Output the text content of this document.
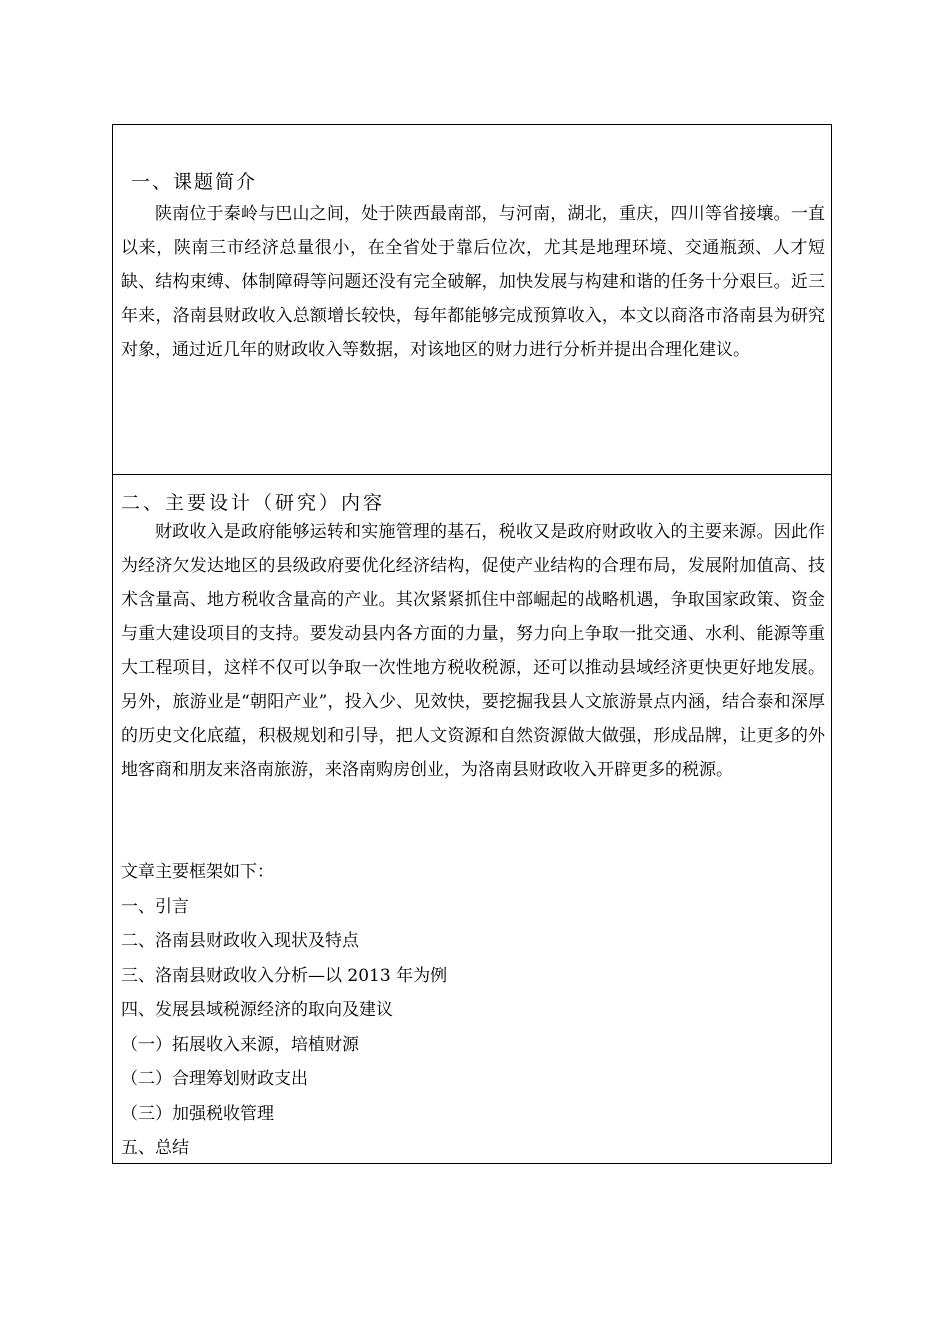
一、课题简介

陕南位于秦岭与巴山之间，处于陕西最南部，与河南，湖北，重庆，四川等省接壤。一直以来，陕南三市经济总量很小，在全省处于靠后位次，尤其是地理环境、交通瓶颈、人才短缺、结构束缚、体制障碍等问题还没有完全破解，加快发展与构建和谐的任务十分艰巨。近三年来，洛南县财政收入总额增长较快，每年都能够完成预算收入，本文以商洛市洛南县为研究对象，通过近几年的财政收入等数据，对该地区的财力进行分析并提出合理化建议。

二、主要设计（研究）内容

财政收入是政府能够运转和实施管理的基石，税收又是政府财政收入的主要来源。因此作为经济欠发达地区的县级政府要优化经济结构，促使产业结构的合理布局，发展附加值高、技术含量高、地方税收含量高的产业。其次紧紧抓住中部崛起的战略机遇，争取国家政策、资金与重大建设项目的支持。要发动县内各方面的力量，努力向上争取一批交通、水利、能源等重大工程项目，这样不仅可以争取一次性地方税收税源，还可以推动县域经济更快更好地发展。另外，旅游业是“朝阳产业”，投入少、见效快，要挖掘我县人文旅游景点内涵，结合泰和深厚的历史文化底蕴，积极规划和引导，把人文资源和自然资源做大做强，形成品牌，让更多的外地客商和朋友来洛南旅游，来洛南购房创业，为洛南县财政收入开辟更多的税源。

文章主要框架如下：
一、引言
二、洛南县财政收入现状及特点
三、洛南县财政收入分析—以 2013 年为例
四、发展县域税源经济的取向及建议
（一）拓展收入来源，培植财源
（二）合理筹划财政支出
（三）加强税收管理
五、总结
